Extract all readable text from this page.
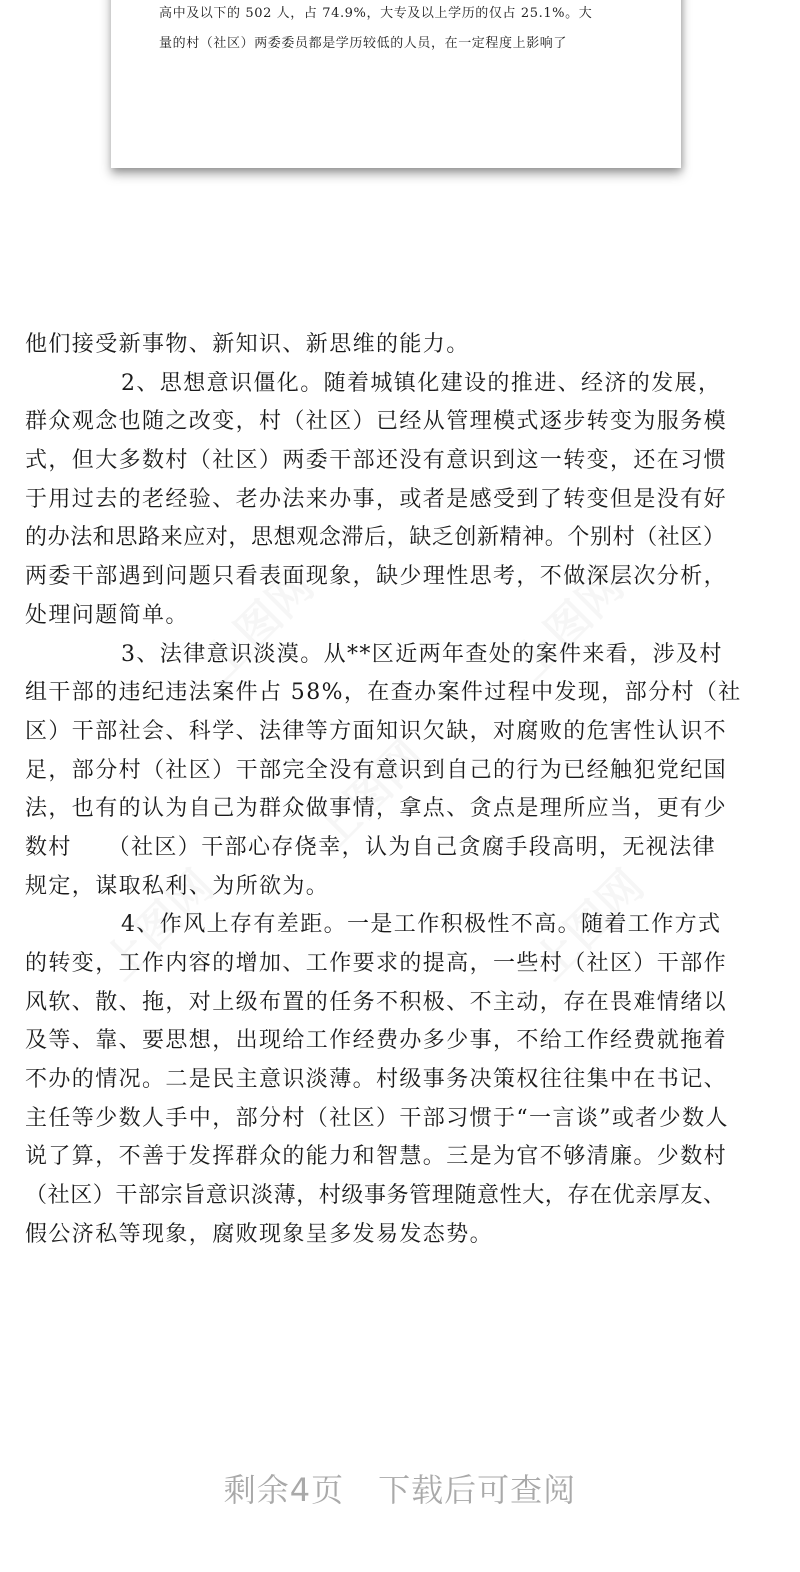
高中及以下的 502 人，占 74.9%，大专及以上学历的仅占 25.1%。大
量的村（社区）两委委员都是学历较低的人员，在一定程度上影响了
他们接受新事物、新知识、新思维的能力。
2、思想意识僵化。随着城镇化建设的推进、经济的发展，
群众观念也随之改变，村（社区）已经从管理模式逐步转变为服务模
式，但大多数村（社区）两委干部还没有意识到这一转变，还在习惯
于用过去的老经验、老办法来办事，或者是感受到了转变但是没有好
的办法和思路来应对，思想观念滞后，缺乏创新精神。个别村（社区）
两委干部遇到问题只看表面现象，缺少理性思考，不做深层次分析，
处理问题简单。
3、法律意识淡漠。从**区近两年查处的案件来看，涉及村
组干部的违纪违法案件占 58%，在查办案件过程中发现，部分村（社
区）干部社会、科学、法律等方面知识欠缺，对腐败的危害性认识不
足，部分村（社区）干部完全没有意识到自己的行为已经触犯党纪国
法，也有的认为自己为群众做事情，拿点、贪点是理所应当，更有少
数村　　（社区）干部心存侥幸，认为自己贪腐手段高明，无视法律
规定，谋取私利、为所欲为。
4、作风上存有差距。一是工作积极性不高。随着工作方式
的转变，工作内容的增加、工作要求的提高，一些村（社区）干部作
风软、散、拖，对上级布置的任务不积极、不主动，存在畏难情绪以
及等、靠、要思想，出现给工作经费办多少事，不给工作经费就拖着
不办的情况。二是民主意识淡薄。村级事务决策权往往集中在书记、
主任等少数人手中，部分村（社区）干部习惯于“一言谈”或者少数人
说了算，不善于发挥群众的能力和智慧。三是为官不够清廉。少数村
（社区）干部宗旨意识淡薄，村级事务管理随意性大，存在优亲厚友、
假公济私等现象，腐败现象呈多发易发态势。
剩余4页 下载后可查阅
